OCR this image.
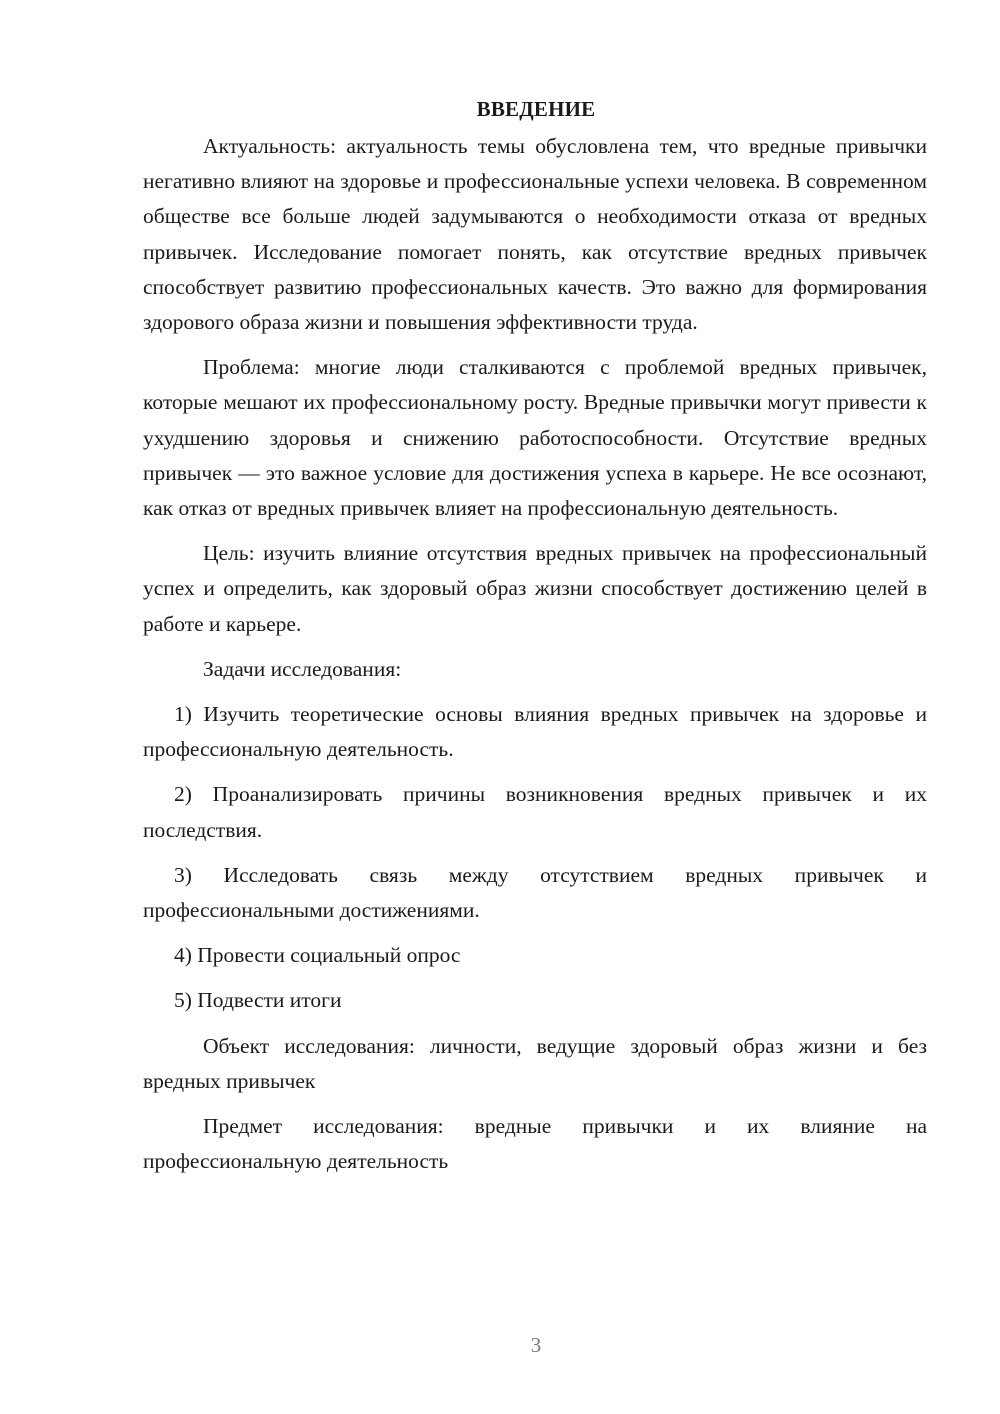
ВВЕДЕНИЕ

Актуальность: актуальность темы обусловлена тем, что вредные привычки негативно влияют на здоровье и профессиональные успехи человека. В современном обществе все больше людей задумываются о необходимости отказа от вредных привычек. Исследование помогает понять, как отсутствие вредных привычек способствует развитию профессиональных качеств. Это важно для формирования здорового образа жизни и повышения эффективности труда.

Проблема: многие люди сталкиваются с проблемой вредных привычек, которые мешают их профессиональному росту. Вредные привычки могут привести к ухудшению здоровья и снижению работоспособности. Отсутствие вредных привычек — это важное условие для достижения успеха в карьере. Не все осознают, как отказ от вредных привычек влияет на профессиональную деятельность.

Цель: изучить влияние отсутствия вредных привычек на профессиональный успех и определить, как здоровый образ жизни способствует достижению целей в работе и карьере.

Задачи исследования:

1) Изучить теоретические основы влияния вредных привычек на здоровье и профессиональную деятельность.

2) Проанализировать причины возникновения вредных привычек и их последствия.

3) Исследовать связь между отсутствием вредных привычек и профессиональными достижениями.

4) Провести социальный опрос

5) Подвести итоги

Объект исследования: личности, ведущие здоровый образ жизни и без вредных привычек

Предмет исследования: вредные привычки и их влияние на профессиональную деятельность

3
